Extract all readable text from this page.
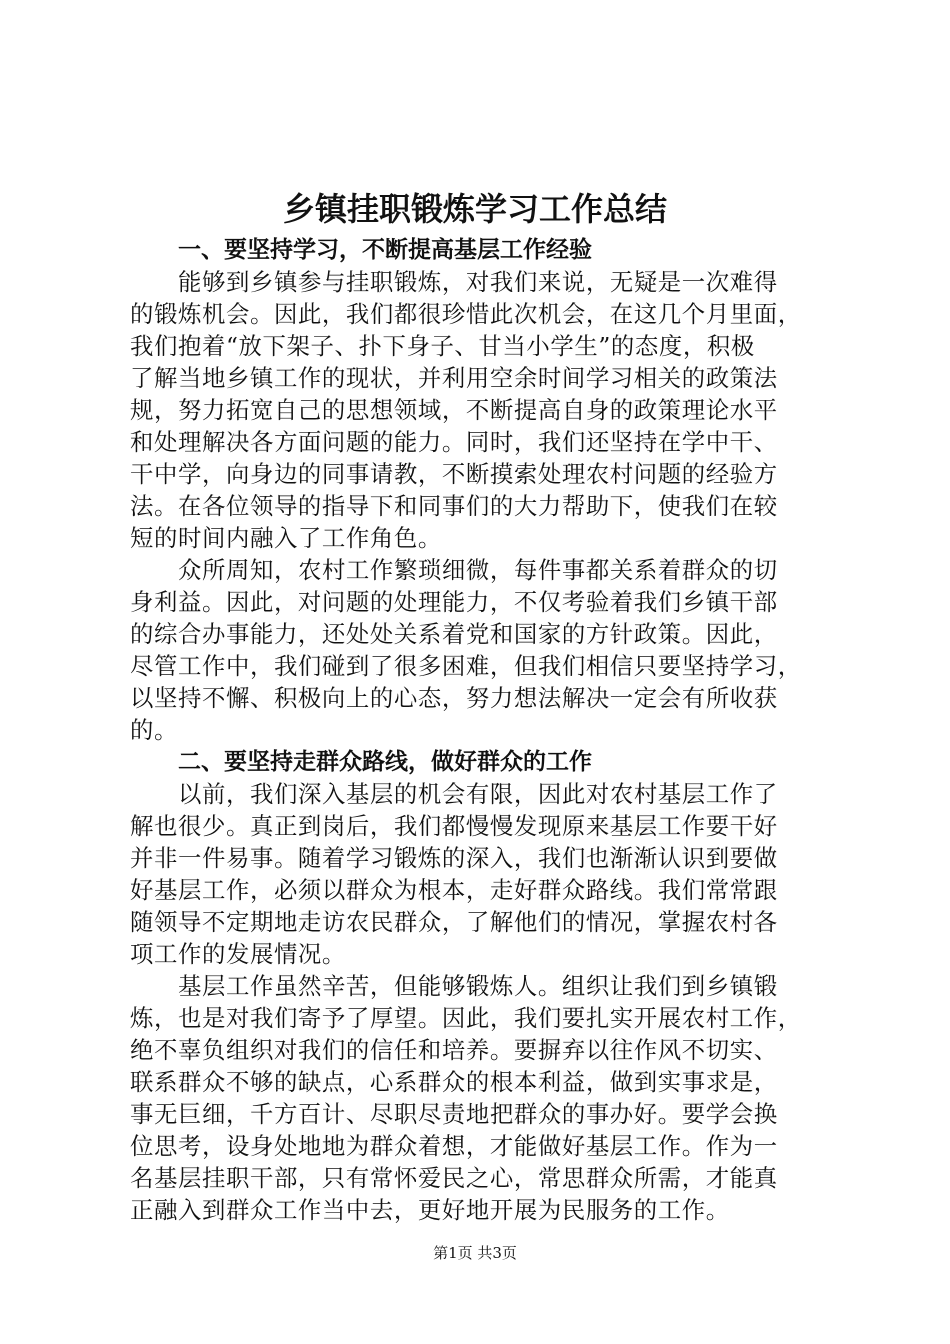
乡镇挂职锻炼学习工作总结
一、要坚持学习，不断提高基层工作经验
能够到乡镇参与挂职锻炼，对我们来说，无疑是一次难得
的锻炼机会。因此，我们都很珍惜此次机会，在这几个月里面，
我们抱着“放下架子、扑下身子、甘当小学生”的态度，积极
了解当地乡镇工作的现状，并利用空余时间学习相关的政策法
规，努力拓宽自己的思想领域，不断提高自身的政策理论水平
和处理解决各方面问题的能力。同时，我们还坚持在学中干、
干中学，向身边的同事请教，不断摸索处理农村问题的经验方
法。在各位领导的指导下和同事们的大力帮助下，使我们在较
短的时间内融入了工作角色。
众所周知，农村工作繁琐细微，每件事都关系着群众的切
身利益。因此，对问题的处理能力，不仅考验着我们乡镇干部
的综合办事能力，还处处关系着党和国家的方针政策。因此，
尽管工作中，我们碰到了很多困难，但我们相信只要坚持学习，
以坚持不懈、积极向上的心态，努力想法解决一定会有所收获
的。
二、要坚持走群众路线，做好群众的工作
以前，我们深入基层的机会有限，因此对农村基层工作了
解也很少。真正到岗后，我们都慢慢发现原来基层工作要干好
并非一件易事。随着学习锻炼的深入，我们也渐渐认识到要做
好基层工作，必须以群众为根本，走好群众路线。我们常常跟
随领导不定期地走访农民群众，了解他们的情况，掌握农村各
项工作的发展情况。
基层工作虽然辛苦，但能够锻炼人。组织让我们到乡镇锻
炼，也是对我们寄予了厚望。因此，我们要扎实开展农村工作，
绝不辜负组织对我们的信任和培养。要摒弃以往作风不切实、
联系群众不够的缺点，心系群众的根本利益，做到实事求是，
事无巨细，千方百计、尽职尽责地把群众的事办好。要学会换
位思考，设身处地地为群众着想，才能做好基层工作。作为一
名基层挂职干部，只有常怀爱民之心，常思群众所需，才能真
正融入到群众工作当中去，更好地开展为民服务的工作。
第1页 共3页
